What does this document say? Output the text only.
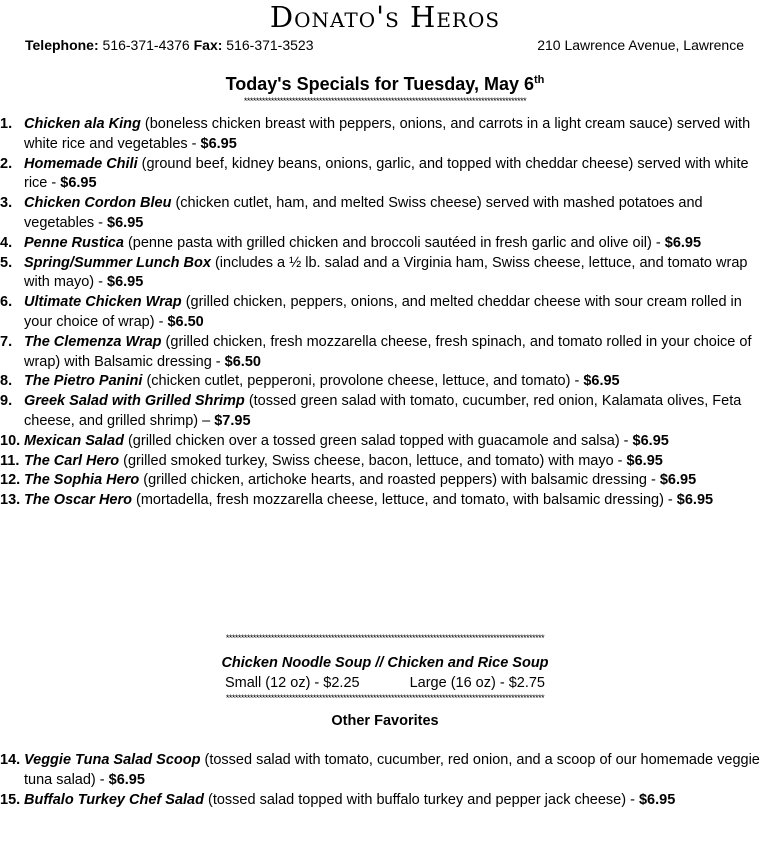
Donato's Heros
Telephone: 516-371-4376 Fax: 516-371-3523	210 Lawrence Avenue, Lawrence
Today's Specials for Tuesday, May 6th
**********************************************************************************************
1. Chicken ala King (boneless chicken breast with peppers, onions, and carrots in a light cream sauce) served with white rice and vegetables - $6.95
2. Homemade Chili (ground beef, kidney beans, onions, garlic, and topped with cheddar cheese) served with white rice - $6.95
3. Chicken Cordon Bleu (chicken cutlet, ham, and melted Swiss cheese) served with mashed potatoes and vegetables - $6.95
4. Penne Rustica (penne pasta with grilled chicken and broccoli sautéed in fresh garlic and olive oil) - $6.95
5. Spring/Summer Lunch Box (includes a ½ lb. salad and a Virginia ham, Swiss cheese, lettuce, and tomato wrap with mayo) - $6.95
6. Ultimate Chicken Wrap (grilled chicken, peppers, onions, and melted cheddar cheese with sour cream rolled in your choice of wrap) - $6.50
7. The Clemenza Wrap (grilled chicken, fresh mozzarella cheese, fresh spinach, and tomato rolled in your choice of wrap) with Balsamic dressing - $6.50
8. The Pietro Panini (chicken cutlet, pepperoni, provolone cheese, lettuce, and tomato) - $6.95
9. Greek Salad with Grilled Shrimp (tossed green salad with tomato, cucumber, red onion, Kalamata olives, Feta cheese, and grilled shrimp) – $7.95
10. Mexican Salad (grilled chicken over a tossed green salad topped with guacamole and salsa) - $6.95
11. The Carl Hero (grilled smoked turkey, Swiss cheese, bacon, lettuce, and tomato) with mayo - $6.95
12. The Sophia Hero (grilled chicken, artichoke hearts, and roasted peppers) with balsamic dressing - $6.95
13. The Oscar Hero (mortadella, fresh mozzarella cheese, lettuce, and tomato, with balsamic dressing) - $6.95
**********************************************************************************************************
Chicken Noodle Soup // Chicken and Rice Soup
Small (12 oz) - $2.25	Large (16 oz) - $2.75
**********************************************************************************************************
Other Favorites
14. Veggie Tuna Salad Scoop (tossed salad with tomato, cucumber, red onion, and a scoop of our homemade veggie tuna salad) - $6.95
15. Buffalo Turkey Chef Salad (tossed salad topped with buffalo turkey and pepper jack cheese) - $6.95
